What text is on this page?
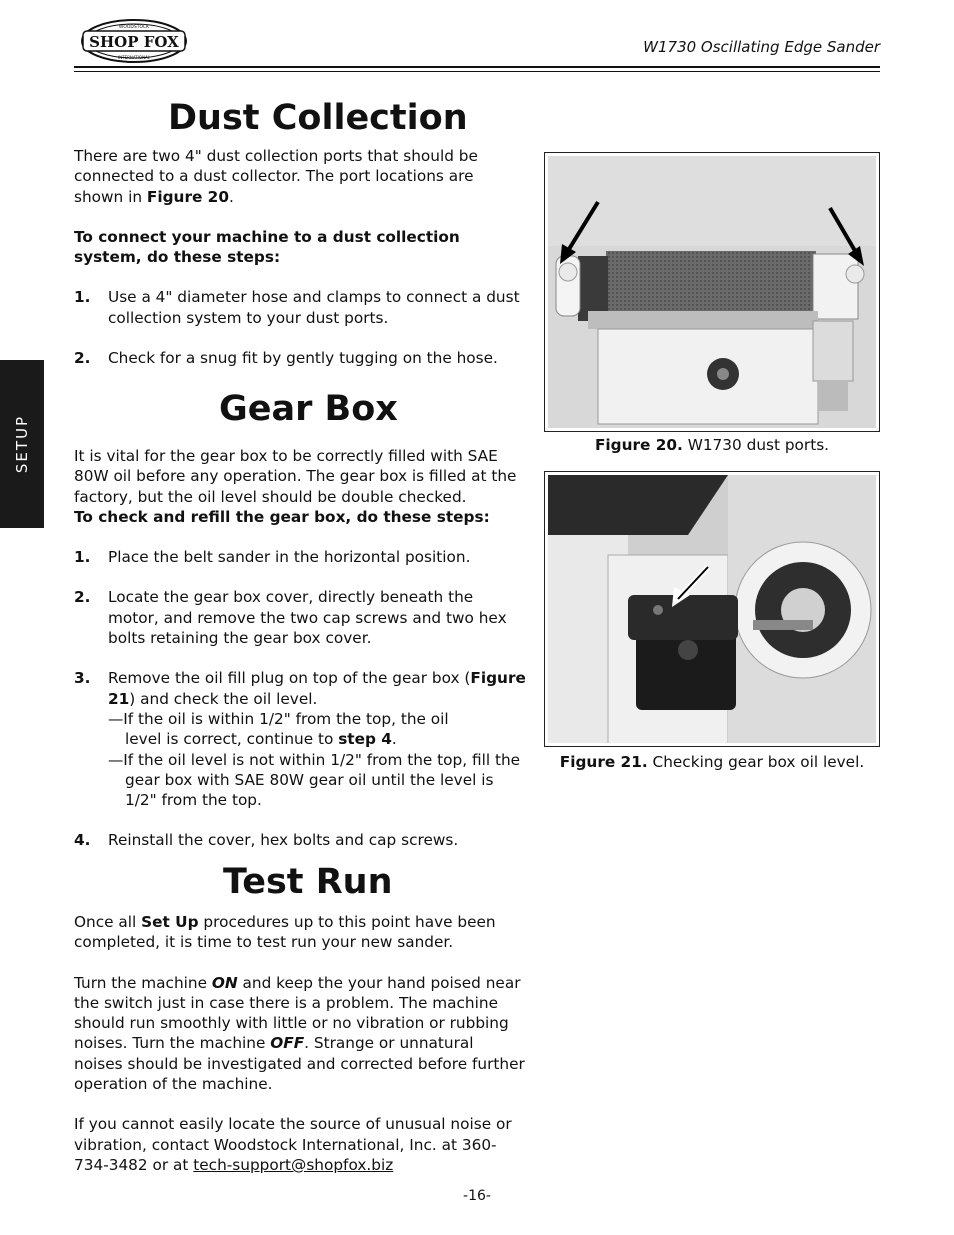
SHOP FOX
WOODSTOCK
INTERNATIONAL
W1730 Oscillating Edge Sander
SETUP
Dust Collection

There are two 4" dust collection ports that should be connected to a dust collector. The port locations are shown in Figure 20.

To connect your machine to a dust collection system, do these steps:

1. Use a 4" diameter hose and clamps to connect a dust collection system to your dust ports.
2. Check for a snug fit by gently tugging on the hose.
Gear Box

It is vital for the gear box to be correctly filled with SAE 80W oil before any operation. The gear box is filled at the factory, but the oil level should be double checked.

To check and refill the gear box, do these steps:

1. Place the belt sander in the horizontal position.
2. Locate the gear box cover, directly beneath the motor, and remove the two cap screws and two hex bolts retaining the gear box cover.
3. Remove the oil fill plug on top of the gear box (Figure 21) and check the oil level.
—If the oil is within 1/2" from the top, the oil level is correct, continue to step 4.
—If the oil level is not within 1/2" from the top, fill the gear box with SAE 80W gear oil until the level is 1/2" from the top.
4. Reinstall the cover, hex bolts and cap screws.
Test Run

Once all Set Up procedures up to this point have been completed, it is time to test run your new sander.

Turn the machine ON and keep the your hand poised near the switch just in case there is a problem. The machine should run smoothly with little or no vibration or rubbing noises. Turn the machine OFF. Strange or unnatural noises should be investigated and corrected before further operation of the machine.

If you cannot easily locate the source of unusual noise or vibration, contact Woodstock International, Inc. at 360-734-3482 or at tech-support@shopfox.biz

Figure 20. W1730 dust ports.
Figure 21. Checking gear box oil level.
-16-
